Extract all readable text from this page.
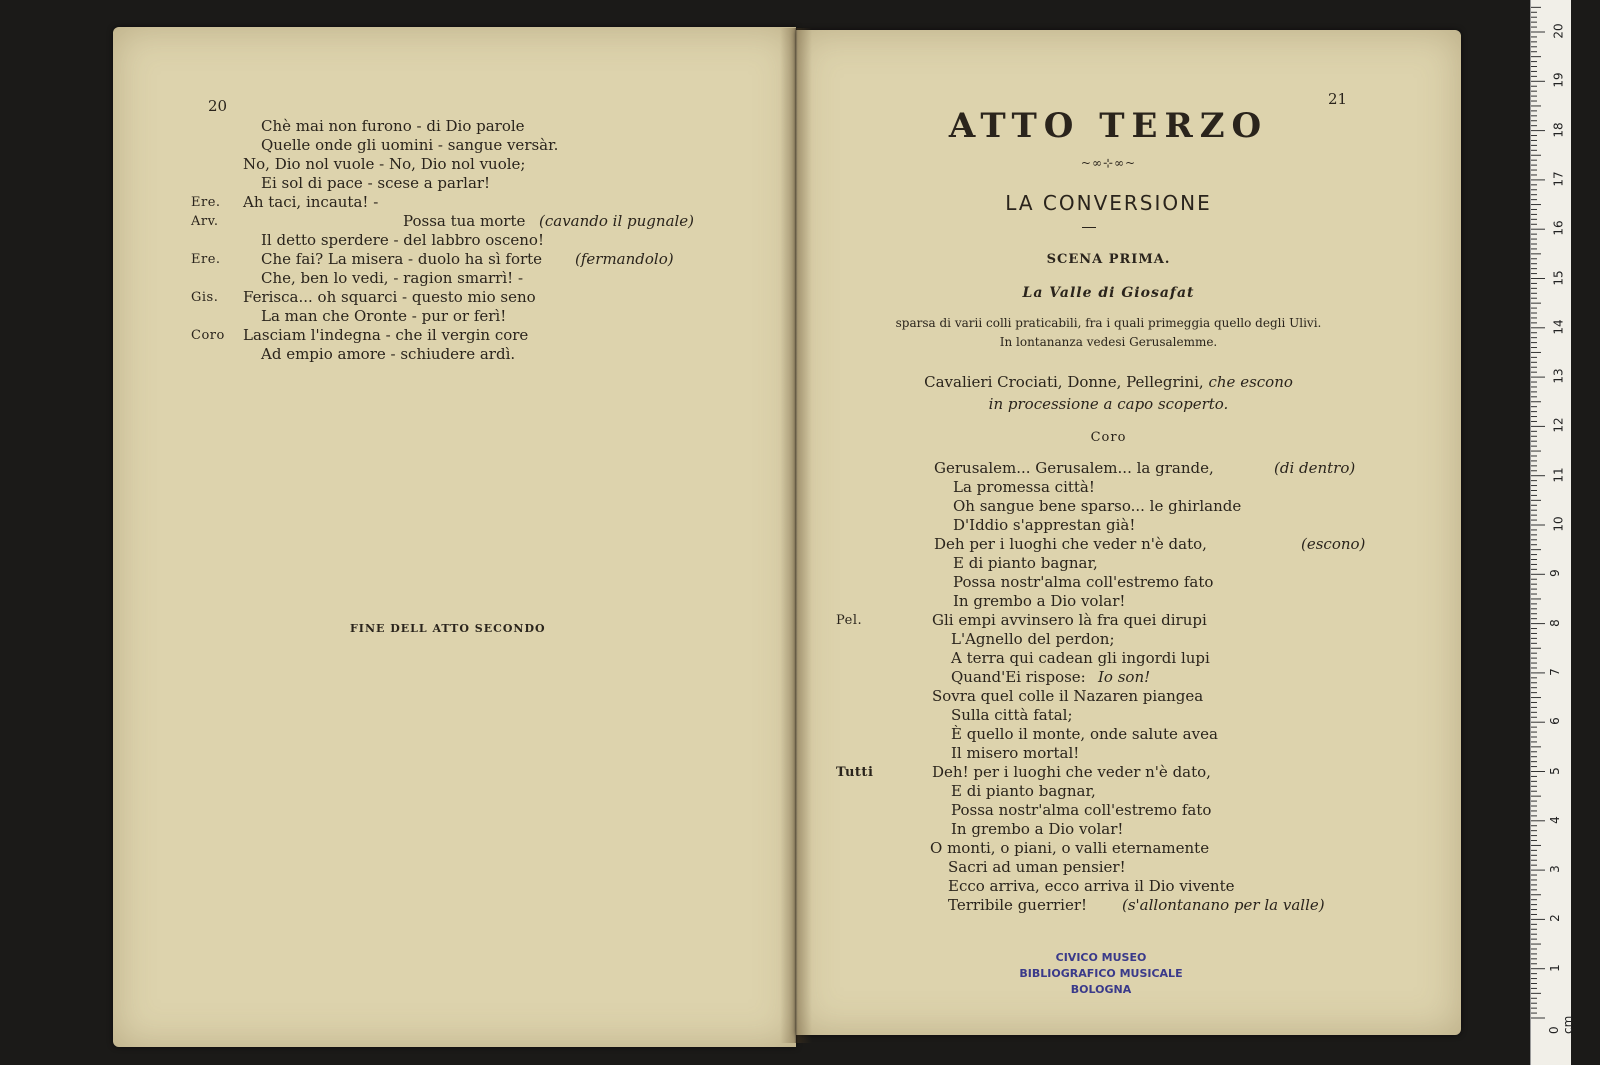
20
Chè mai non furono - di Dio parole
Quelle onde gli uomini - sangue versàr.
No, Dio nol vuole - No, Dio nol vuole;
Ei sol di pace - scese a parlar!
Ere. Ah taci, incauta! -
Arv.	Possa tua morte (cavando il pugnale)
Il detto sperdere - del labbro osceno!
Ere.	Che fai? La misera - duolo ha sì forte (fermandolo)
Che, ben lo vedi, - ragion smarrì! -
Gis. Ferisca... oh squarci - questo mio seno
La man che Oronte - pur or ferì!
Coro Lasciam l'indegna - che il vergin core
Ad empio amore - schiudere ardì.
FINE DELL ATTO SECONDO
21
ATTO TERZO
~∞⊹∞~
LA CONVERSIONE
SCENA PRIMA.
La Valle di Giosafat
sparsa di varii colli praticabili, fra i quali primeggia quello degli Ulivi.
In lontananza vedesi Gerusalemme.
Cavalieri Crociati, Donne, Pellegrini, che escono
in processione a capo scoperto.
Coro
Gerusalem... Gerusalem... la grande,	(di dentro)
La promessa città!
Oh sangue bene sparso... le ghirlande
D'Iddio s'apprestan già!
Deh per i luoghi che veder n'è dato,	(escono)
E di pianto bagnar,
Possa nostr'alma coll'estremo fato
In grembo a Dio volar!
Pel.	Gli empi avvinsero là fra quei dirupi
L'Agnello del perdon;
A terra qui cadean gli ingordi lupi
Quand'Ei rispose: Io son!
Sovra quel colle il Nazaren piangea
Sulla città fatal;
È quello il monte, onde salute avea
Il misero mortal!
Tutti	Deh! per i luoghi che veder n'è dato,
E di pianto bagnar,
Possa nostr'alma coll'estremo fato
In grembo a Dio volar!
O monti, o piani, o valli eternamente
Sacri ad uman pensier!
Ecco arriva, ecco arriva il Dio vivente
Terribile guerrier! (s'allontanano per la valle)
CIVICO MUSEO
BIBLIOGRAFICO MUSICALE
BOLOGNA
0 cm
1
2
3
4
5
6
7
8
9
10
11
12
13
14
15
16
17
18
19
20
